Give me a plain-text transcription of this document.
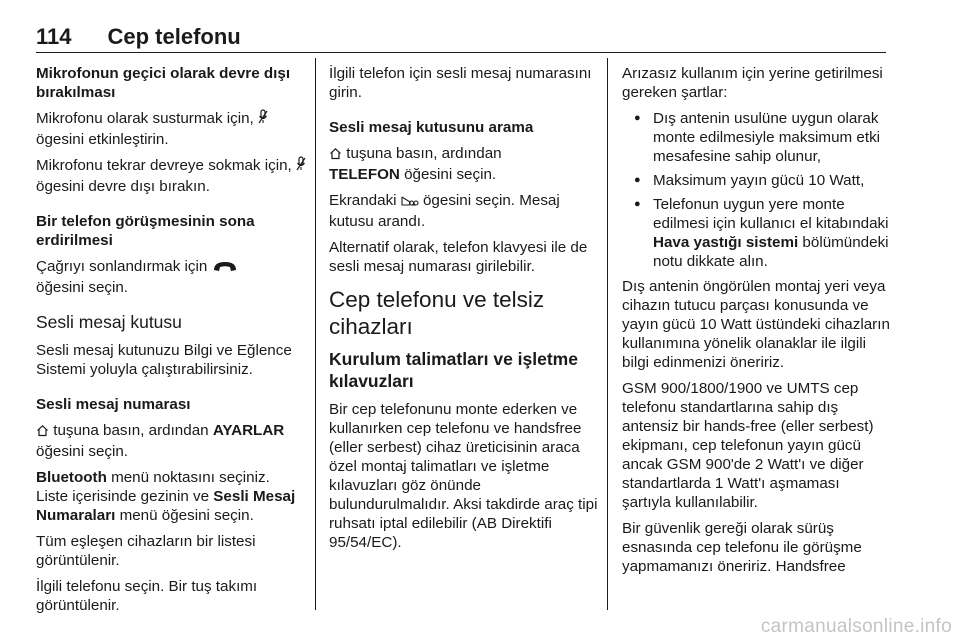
114 Cep telefonu

Mikrofonun geçici olarak devre dışı bırakılması

Mikrofonu olarak susturmak için,  ögesini etkinleştirin.

Mikrofonu tekrar devreye sokmak için,  ögesini devre dışı bırakın.

Bir telefon görüşmesinin sona erdirilmesi

Çağrıyı sonlandırmak için
öğesini seçin.

Sesli mesaj kutusu

Sesli mesaj kutunuzu Bilgi ve Eğlence Sistemi yoluyla çalıştırabilirsiniz.

Sesli mesaj numarası

tuşuna basın, ardından AYARLAR öğesini seçin.

Bluetooth menü noktasını seçiniz. Liste içerisinde gezinin ve Sesli Mesaj Numaraları menü öğesini seçin.

Tüm eşleşen cihazların bir listesi görüntülenir.

İlgili telefonu seçin. Bir tuş takımı görüntülenir.

İlgili telefon için sesli mesaj numarasını girin.

Sesli mesaj kutusunu arama

tuşuna basın, ardından
TELEFON öğesini seçin.

Ekrandaki  ögesini seçin. Mesaj kutusu arandı.

Alternatif olarak, telefon klavyesi ile de sesli mesaj numarası girilebilir.

Cep telefonu ve telsiz cihazları
Kurulum talimatları ve işletme kılavuzları

Bir cep telefonunu monte ederken ve kullanırken cep telefonu ve handsfree (eller serbest) cihaz üreticisinin araca özel montaj talimatları ve işletme kılavuzları göz önünde bulundurulmalıdır. Aksi takdirde araç tipi ruhsatı iptal edilebilir (AB Direktifi 95/54/EC).

Arızasız kullanım için yerine getirilmesi gereken şartlar:

● Dış antenin usulüne uygun olarak monte edilmesiyle maksimum etki mesafesine sahip olunur,
● Maksimum yayın gücü 10 Watt,
● Telefonun uygun yere monte edilmesi için kullanıcı el kitabındaki Hava yastığı sistemi bölümündeki notu dikkate alın.

Dış antenin öngörülen montaj yeri veya cihazın tutucu parçası konusunda ve yayın gücü 10 Watt üstündeki cihazların kullanımına yönelik olanaklar ile ilgili bilgi edinmenizi öneririz.

GSM 900/1800/1900 ve UMTS cep telefonu standartlarına sahip dış antensiz bir hands-free (eller serbest) ekipmanı, cep telefonun yayın gücü ancak GSM 900'de 2 Watt'ı ve diğer standartlarda 1 Watt'ı aşmaması şartıyla kullanılabilir.

Bir güvenlik gereği olarak sürüş esnasında cep telefonu ile görüşme yapmamanızı öneririz. Handsfree

carmanualsonline.info
